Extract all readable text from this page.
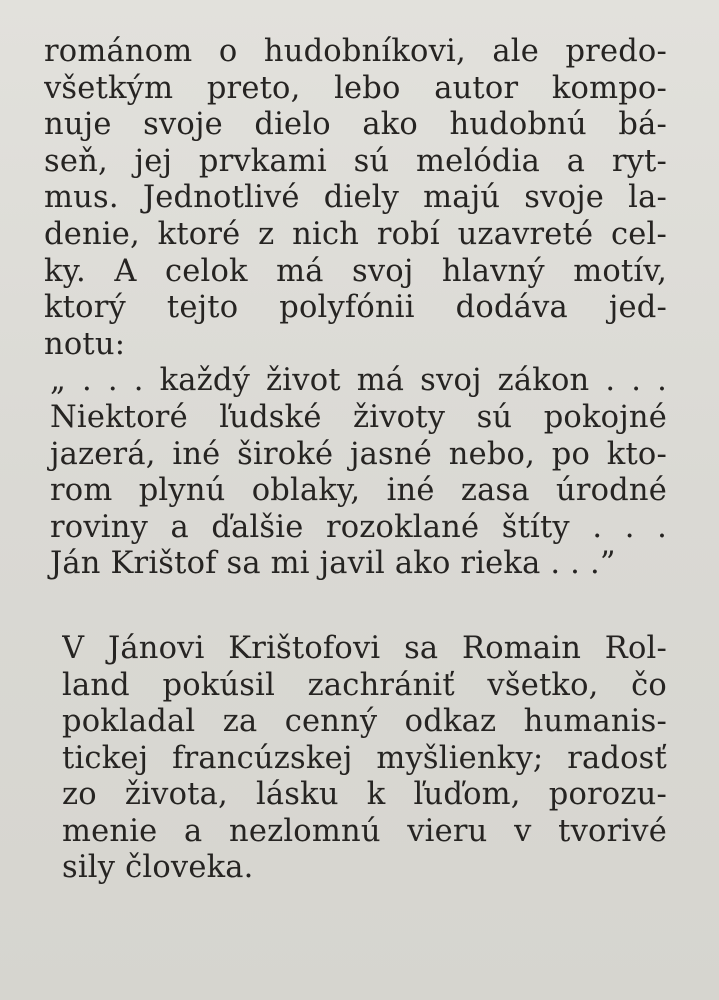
románom o hudobníkovi, ale predo-
všetkým preto, lebo autor kompo-
nuje svoje dielo ako hudobnú bá-
seň, jej prvkami sú melódia a ryt-
mus. Jednotlivé diely majú svoje la-
denie, ktoré z nich robí uzavreté cel-
ky. A celok má svoj hlavný motív,
ktorý tejto polyfónii dodáva jed-
notu:
„ . . . každý život má svoj zákon . . .
Niektoré ľudské životy sú pokojné
jazerá, iné široké jasné nebo, po kto-
rom plynú oblaky, iné zasa úrodné
roviny a ďalšie rozoklané štíty . . .
Ján Krištof sa mi javil ako rieka . . .”
V Jánovi Krištofovi sa Romain Rol-
land pokúsil zachrániť všetko, čo
pokladal za cenný odkaz humanis-
tickej francúzskej myšlienky; radosť
zo života, lásku k ľuďom, porozu-
menie a nezlomnú vieru v tvorivé
sily človeka.
